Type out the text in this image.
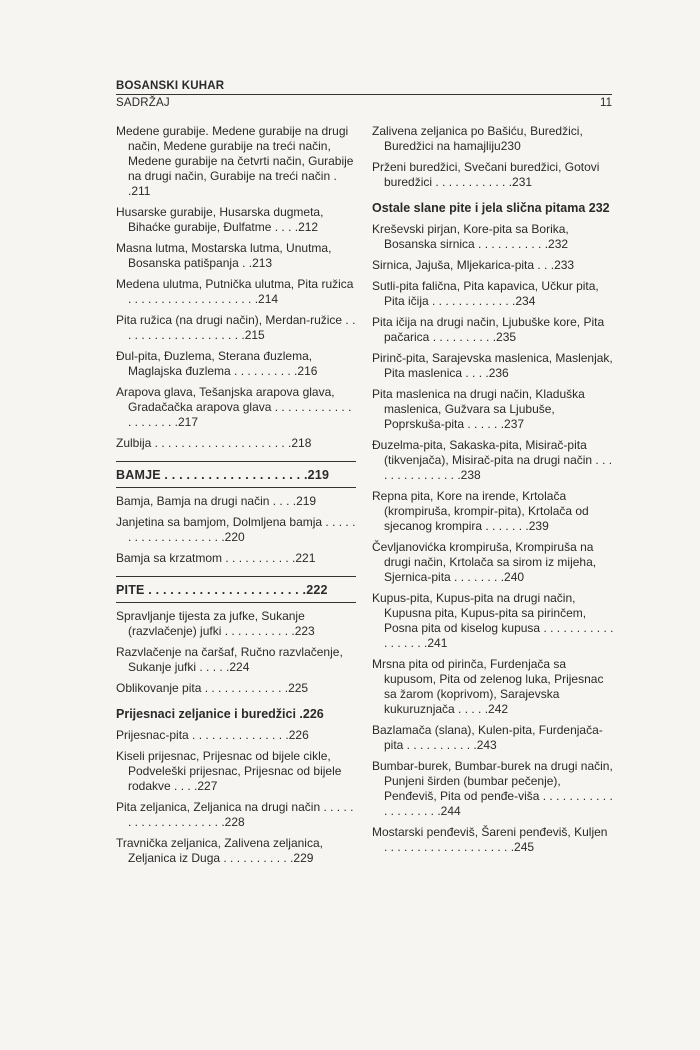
BOSANSKI KUHAR
SADRŽAJ	11
Medene gurabije. Medene gurabije na drugi način, Medene gurabije na treći način, Medene gurabije na četvrti način, Gurabije na drugi način, Gurabije na treći način . .211
Husarske gurabije, Husarska dugmeta, Bihaćke gurabije, Đulfatme . . . .212
Masna lutma, Mostarska lutma, Unutma, Bosanska patišpanja . .213
Medena ulutma, Putnička ulutma, Pita ružica . . . . . . . . . . . . . . . . . . . .214
Pita ružica (na drugi način), Merdan-ružice . . . . . . . . . . . . . . . . . . . .215
Đul-pita, Đuzlema, Sterana đuzlema, Maglajska đuzlema . . . . . . . . . .216
Arapova glava, Tešanjska arapova glava, Gradačačka arapova glava . . . . . . . . . . . . . . . . . . . .217
Zulbija . . . . . . . . . . . . . . . . . . . . .218
BAMJE . . . . . . . . . . . . . . . . . . . .219
Bamja, Bamja na drugi način . . . .219
Janjetina sa bamjom, Dolmljena bamja . . . . . . . . . . . . . . . . . . . .220
Bamja sa krzatmom . . . . . . . . . . .221
PITE . . . . . . . . . . . . . . . . . . . . . .222
Spravljanje tijesta za jufke, Sukanje (razvlačenje) jufki . . . . . . . . . . .223
Razvlačenje na čaršaf, Ručno razvlačenje, Sukanje jufki . . . . .224
Oblikovanje pita . . . . . . . . . . . . .225
Prijesnaci zeljanice i buredžici .226
Prijesnac-pita . . . . . . . . . . . . . . .226
Kiseli prijesnac, Prijesnac od bijele cikle, Podveleški prijesnac, Prijesnac od bijele rodakve . . . .227
Pita zeljanica, Zeljanica na drugi način . . . . . . . . . . . . . . . . . . . .228
Travnička zeljanica, Zalivena zeljanica, Zeljanica iz Duga . . . . . . . . . . .229
Zalivena zeljanica po Bašiću, Buredžici, Buredžici na hamajliju230
Prženi buredžici, Svečani buredžici, Gotovi buredžici . . . . . . . . . . . .231
Ostale slane pite i jela slična pitama 232
Kreševski pirjan, Kore-pita sa Borika, Bosanska sirnica . . . . . . . . . . .232
Sirnica, Jajuša, Mljekarica-pita . . .233
Sutli-pita falična, Pita kapavica, Učkur pita, Pita ičija . . . . . . . . . . . . .234
Pita ičija na drugi način, Ljubuške kore, Pita pačarica . . . . . . . . . .235
Pirinč-pita, Sarajevska maslenica, Maslenjak, Pita maslenica . . . .236
Pita maslenica na drugi način, Kladuška maslenica, Gužvara sa Ljubuše, Poprskuša-pita . . . . . .237
Đuzelma-pita, Sakaska-pita, Misirač-pita (tikvenjača), Misirač-pita na drugi način . . . . . . . . . . . . . . .238
Repna pita, Kore na irende, Krtolača (krompiruša, krompir-pita), Krtolača od sjecanog krompira . . . . . . .239
Čevljanovićka krompiruša, Krompiruša na drugi način, Krtolača sa sirom iz mijeha, Sjernica-pita . . . . . . . .240
Kupus-pita, Kupus-pita na drugi način, Kupusna pita, Kupus-pita sa pirinčem, Posna pita od kiselog kupusa . . . . . . . . . . . . . . . . . .241
Mrsna pita od pirinča, Furdenjača sa kupusom, Pita od zelenog luka, Prijesnac sa žarom (koprivom), Sarajevska kukuruznjača . . . . .242
Bazlamača (slana), Kulen-pita, Furdenjača-pita . . . . . . . . . . .243
Bumbar-burek, Bumbar-burek na drugi način, Punjeni širden (bumbar pečenje), Penđeviš, Pita od penđe-viša . . . . . . . . . . . . . . . . . . . .244
Mostarski penđeviš, Šareni penđeviš, Kuljen . . . . . . . . . . . . . . . . . . . .245
